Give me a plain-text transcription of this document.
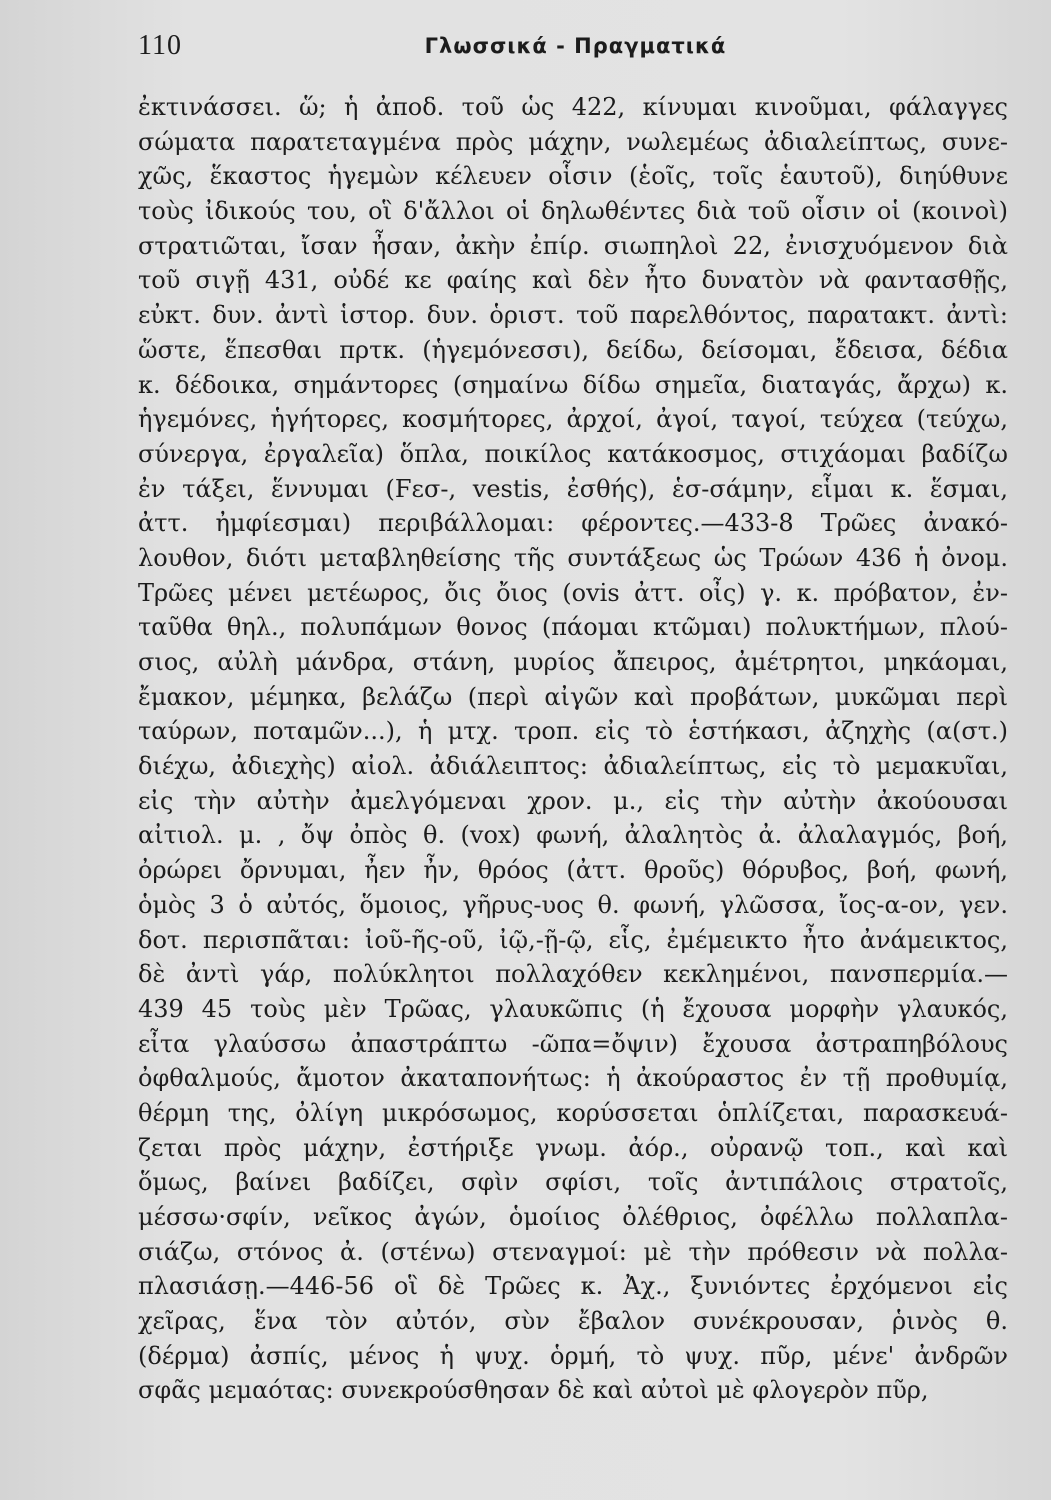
110	Γλωσσικά - Πραγματικά
ἐκτινάσσει. ὥ; ἡ ἀποδ. τοῦ ὡς 422, κίνυμαι κινοῦμαι, φάλαγγες
σώματα παρατεταγμένα πρὸς μάχην, νωλεμέως ἀδιαλείπτως, συνε-
χῶς, ἕκαστος ἡγεμὼν κέλευεν οἷσιν (ἑοῖς, τοῖς ἑαυτοῦ), διηύθυνε
τοὺς ἰδικούς του, οἳ δ'ἄλλοι οἱ δηλωθέντες διὰ τοῦ οἷσιν οἱ (κοινοὶ)
στρατιῶται, ἴσαν ἦσαν, ἀκὴν ἐπίρ. σιωπηλοὶ 22, ἐνισχυόμενον διὰ
τοῦ σιγῇ 431, οὐδέ κε φαίης καὶ δὲν ἦτο δυνατὸν νὰ φαντασθῇς,
εὐκτ. δυν. ἀντὶ ἱστορ. δυν. ὁριστ. τοῦ παρελθόντος, παρατακτ. ἀντὶ:
ὥστε, ἕπεσθαι πρτκ. (ἡγεμόνεσσι), δείδω, δείσομαι, ἔδεισα, δέδια
κ. δέδοικα, σημάντορες (σημαίνω δίδω σημεῖα, διαταγάς, ἄρχω) κ.
ἡγεμόνες, ἡγήτορες, κοσμήτορες, ἀρχοί, ἀγοί, ταγοί, τεύχεα (τεύχω,
σύνεργα, ἐργαλεῖα) ὅπλα, ποικίλος κατάκοσμος, στιχάομαι βαδίζω
ἐν τάξει, ἕννυμαι (Ϝεσ-, vestis, ἐσθής), ἑσ-σάμην, εἷμαι κ. ἕσμαι,
ἀττ. ἠμφίεσμαι) περιβάλλομαι: φέροντες.—433-8 Τρῶες ἀνακό-
λουθον, διότι μεταβληθείσης τῆς συντάξεως ὡς Τρώων 436 ἡ ὀνομ.
Τρῶες μένει μετέωρος, ὄις ὄιος (ovis ἀττ. οἶς) γ. κ. πρόβατον, ἐν-
ταῦθα θηλ., πολυπάμων θονος (πάομαι κτῶμαι) πολυκτήμων, πλού-
σιος, αὐλὴ μάνδρα, στάνη, μυρίος ἄπειρος, ἀμέτρητοι, μηκάομαι,
ἔμακον, μέμηκα, βελάζω (περὶ αἰγῶν καὶ προβάτων, μυκῶμαι περὶ
ταύρων, ποταμῶν...), ἡ μτχ. τροπ. εἰς τὸ ἑστήκασι, ἀζηχὴς (α(στ.)
διέχω, ἀδιεχὴς) αἰολ. ἀδιάλειπτος: ἀδιαλείπτως, εἰς τὸ μεμακυῖαι,
εἰς τὴν αὐτὴν ἀμελγόμεναι χρον. μ., εἰς τὴν αὐτὴν ἀκούουσαι
αἰτιολ. μ. , ὄψ ὀπὸς θ. (vox) φωνή, ἀλαλητὸς ἀ. ἀλαλαγμός, βοή,
ὀρώρει ὄρνυμαι, ἦεν ἦν, θρόος (ἀττ. θροῦς) θόρυβος, βοή, φωνή,
ὁμὸς 3 ὁ αὐτός, ὅμοιος, γῆρυς-υος θ. φωνή, γλῶσσα, ἴος-α-ον, γεν.
δοτ. περισπᾶται: ἰοῦ-ῆς-οῦ, ἰῷ,-ῇ-ῷ, εἷς, ἐμέμεικτο ἦτο ἀνάμεικτος,
δὲ ἀντὶ γάρ, πολύκλητοι πολλαχόθεν κεκλημένοι, πανσπερμία.—
439 45 τοὺς μὲν Τρῶας, γλαυκῶπις (ἡ ἔχουσα μορφὴν γλαυκός,
εἶτα γλαύσσω ἀπαστράπτω -ῶπα=ὄψιν) ἔχουσα ἀστραπηβόλους
ὀφθαλμούς, ἄμοτον ἀκαταπονήτως: ἡ ἀκούραστος ἐν τῇ προθυμίᾳ,
θέρμη της, ὀλίγη μικρόσωμος, κορύσσεται ὁπλίζεται, παρασκευά-
ζεται πρὸς μάχην, ἐστήριξε γνωμ. ἀόρ., οὐρανῷ τοπ., καὶ καὶ
ὅμως, βαίνει βαδίζει, σφὶν σφίσι, τοῖς ἀντιπάλοις στρατοῖς,
μέσσω·σφίν, νεῖκος ἀγών, ὁμοίιος ὀλέθριος, ὀφέλλω πολλαπλα-
σιάζω, στόνος ἀ. (στένω) στεναγμοί: μὲ τὴν πρόθεσιν νὰ πολλα-
πλασιάσῃ.—446-56 οἳ δὲ Τρῶες κ. Ἀχ., ξυνιόντες ἐρχόμενοι εἰς
χεῖρας, ἕνα τὸν αὐτόν, σὺν ἔβαλον συνέκρουσαν, ῥινὸς θ.
(δέρμα) ἀσπίς, μένος ἡ ψυχ. ὁρμή, τὸ ψυχ. πῦρ, μένε' ἀνδρῶν
σφᾶς μεμαότας: συνεκρούσθησαν δὲ καὶ αὐτοὶ μὲ φλογερὸν πῦρ,
